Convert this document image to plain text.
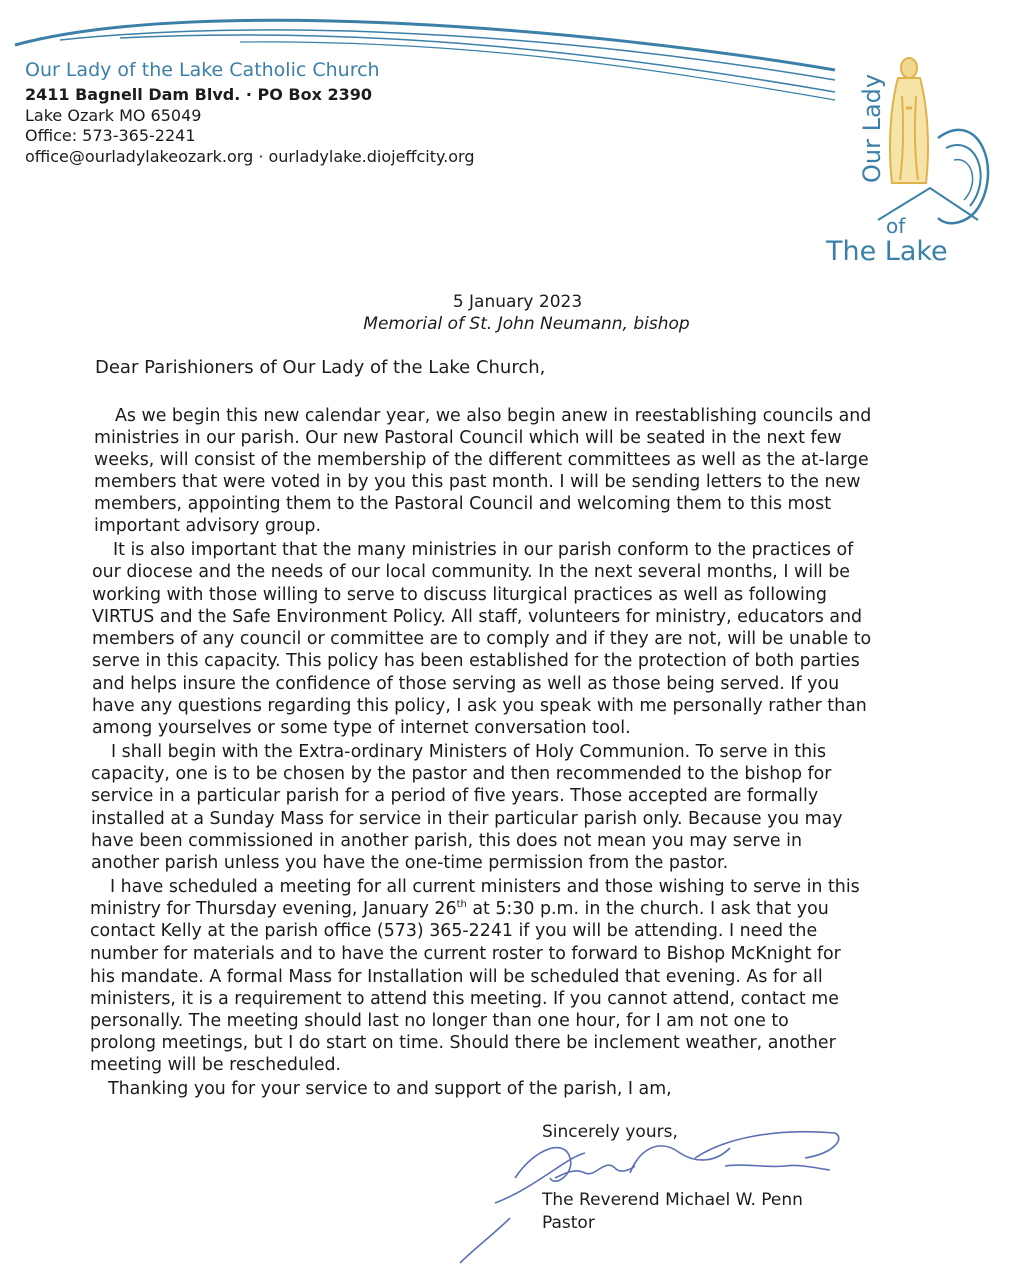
Our Lady of the Lake Catholic Church
2411 Bagnell Dam Blvd. · PO Box 2390
Lake Ozark MO 65049
Office: 573-365-2241
office@ourladylakeozark.org · ourladylake.diojeffcity.org	Our Lady
of
The Lake
5 January 2023
Memorial of St. John Neumann, bishop
Dear Parishioners of Our Lady of the Lake Church,
As we begin this new calendar year, we also begin anew in reestablishing councils and
ministries in our parish. Our new Pastoral Council which will be seated in the next few
weeks, will consist of the membership of the different committees as well as the at-large
members that were voted in by you this past month. I will be sending letters to the new
members, appointing them to the Pastoral Council and welcoming them to this most
important advisory group.
It is also important that the many ministries in our parish conform to the practices of
our diocese and the needs of our local community. In the next several months, I will be
working with those willing to serve to discuss liturgical practices as well as following
VIRTUS and the Safe Environment Policy. All staff, volunteers for ministry, educators and
members of any council or committee are to comply and if they are not, will be unable to
serve in this capacity. This policy has been established for the protection of both parties
and helps insure the confidence of those serving as well as those being served. If you
have any questions regarding this policy, I ask you speak with me personally rather than
among yourselves or some type of internet conversation tool.
I shall begin with the Extra-ordinary Ministers of Holy Communion. To serve in this
capacity, one is to be chosen by the pastor and then recommended to the bishop for
service in a particular parish for a period of five years. Those accepted are formally
installed at a Sunday Mass for service in their particular parish only. Because you may
have been commissioned in another parish, this does not mean you may serve in
another parish unless you have the one-time permission from the pastor.
I have scheduled a meeting for all current ministers and those wishing to serve in this
ministry for Thursday evening, January 26th at 5:30 p.m. in the church. I ask that you
contact Kelly at the parish office (573) 365-2241 if you will be attending. I need the
number for materials and to have the current roster to forward to Bishop McKnight for
his mandate. A formal Mass for Installation will be scheduled that evening. As for all
ministers, it is a requirement to attend this meeting. If you cannot attend, contact me
personally. The meeting should last no longer than one hour, for I am not one to
prolong meetings, but I do start on time. Should there be inclement weather, another
meeting will be rescheduled.
Thanking you for your service to and support of the parish, I am,
Sincerely yours,
The Reverend Michael W. Penn
Pastor
